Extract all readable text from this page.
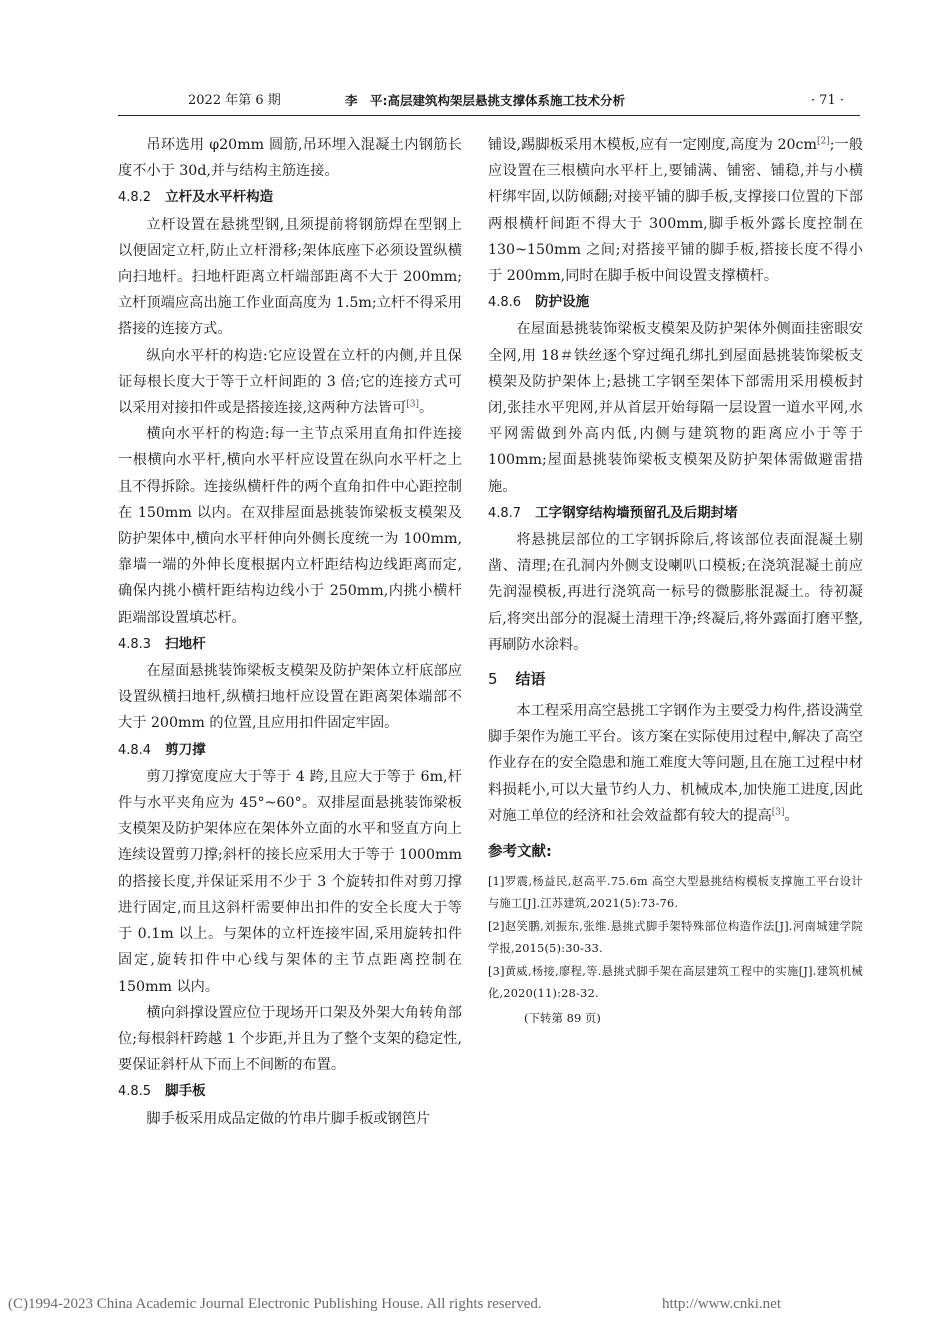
2022 年第 6 期	李　平:高层建筑构架层悬挑支撑体系施工技术分析	· 71 ·

吊环选用 φ20mm 圆筋,吊环埋入混凝土内钢筋长度不小于 30d,并与结构主筋连接。

4.8.2 立杆及水平杆构造

立杆设置在悬挑型钢,且须提前将钢筋焊在型钢上以便固定立杆,防止立杆滑移;架体底座下必须设置纵横向扫地杆。扫地杆距离立杆端部距离不大于 200mm;立杆顶端应高出施工作业面高度为 1.5m;立杆不得采用搭接的连接方式。

纵向水平杆的构造:它应设置在立杆的内侧,并且保证每根长度大于等于立杆间距的 3 倍;它的连接方式可以采用对接扣件或是搭接连接,这两种方法皆可[3]。

横向水平杆的构造:每一主节点采用直角扣件连接一根横向水平杆,横向水平杆应设置在纵向水平杆之上且不得拆除。连接纵横杆件的两个直角扣件中心距控制在 150mm 以内。在双排屋面悬挑装饰梁板支模架及防护架体中,横向水平杆伸向外侧长度统一为 100mm,靠墙一端的外伸长度根据内立杆距结构边线距离而定,确保内挑小横杆距结构边线小于 250mm,内挑小横杆距端部设置填芯杆。

4.8.3 扫地杆

在屋面悬挑装饰梁板支模架及防护架体立杆底部应设置纵横扫地杆,纵横扫地杆应设置在距离架体端部不大于 200mm 的位置,且应用扣件固定牢固。

4.8.4 剪刀撑

剪刀撑宽度应大于等于 4 跨,且应大于等于 6m,杆件与水平夹角应为 45°~60°。双排屋面悬挑装饰梁板支模架及防护架体应在架体外立面的水平和竖直方向上连续设置剪刀撑;斜杆的接长应采用大于等于 1000mm 的搭接长度,并保证采用不少于 3 个旋转扣件对剪刀撑进行固定,而且这斜杆需要伸出扣件的安全长度大于等于 0.1m 以上。与架体的立杆连接牢固,采用旋转扣件固定,旋转扣件中心线与架体的主节点距离控制在 150mm 以内。

横向斜撑设置应位于现场开口架及外架大角转角部位;每根斜杆跨越 1 个步距,并且为了整个支架的稳定性,要保证斜杆从下而上不间断的布置。

4.8.5 脚手板

脚手板采用成品定做的竹串片脚手板或钢笆片

铺设,踢脚板采用木模板,应有一定刚度,高度为 20cm[2];一般应设置在三根横向水平杆上,要铺满、铺密、铺稳,并与小横杆绑牢固,以防倾翻;对接平铺的脚手板,支撑接口位置的下部两根横杆间距不得大于 300mm,脚手板外露长度控制在 130~150mm 之间;对搭接平铺的脚手板,搭接长度不得小于 200mm,同时在脚手板中间设置支撑横杆。

4.8.6 防护设施

在屋面悬挑装饰梁板支模架及防护架体外侧面挂密眼安全网,用 18＃铁丝逐个穿过绳孔绑扎到屋面悬挑装饰梁板支模架及防护架体上;悬挑工字钢至架体下部需用采用模板封闭,张挂水平兜网,并从首层开始每隔一层设置一道水平网,水平网需做到外高内低,内侧与建筑物的距离应小于等于 100mm;屋面悬挑装饰梁板支模架及防护架体需做避雷措施。

4.8.7 工字钢穿结构墙预留孔及后期封堵

将悬挑层部位的工字钢拆除后,将该部位表面混凝土剔凿、清理;在孔洞内外侧支设喇叭口模板;在浇筑混凝土前应先润湿模板,再进行浇筑高一标号的微膨胀混凝土。待初凝后,将突出部分的混凝土清理干净;终凝后,将外露面打磨平整,再刷防水涂料。

5 结语

本工程采用高空悬挑工字钢作为主要受力构件,搭设满堂脚手架作为施工平台。该方案在实际使用过程中,解决了高空作业存在的安全隐患和施工难度大等问题,且在施工过程中材料损耗小,可以大量节约人力、机械成本,加快施工进度,因此对施工单位的经济和社会效益都有较大的提高[3]。

参考文献:

[1]罗震,杨益民,赵高平.75.6m 高空大型悬挑结构模板支撑施工平台设计与施工[J].江苏建筑,2021(5):73-76.

[2]赵笑鹏,刘振东,张维.悬挑式脚手架特殊部位构造作法[J].河南城建学院学报,2015(5):30-33.

[3]黄威,杨接,廖程,等.悬挑式脚手架在高层建筑工程中的实施[J].建筑机械化,2020(11):28-32.

(下转第 89 页)

(C)1994-2023 China Academic Journal Electronic Publishing House. All rights reserved.	http://www.cnki.net
